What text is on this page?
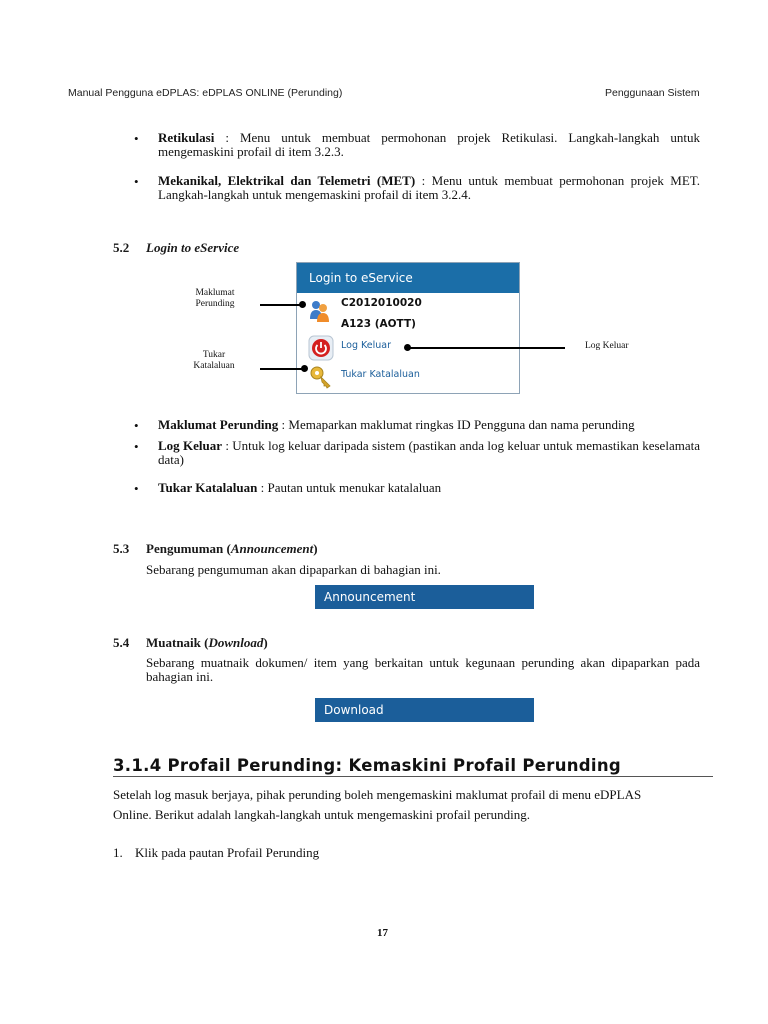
Manual Pengguna eDPLAS: eDPLAS ONLINE (Perunding)	Penggunaan Sistem
• Retikulasi : Menu untuk membuat permohonan projek Retikulasi. Langkah-langkah untuk mengemaskini profail di item 3.2.3.
• Mekanikal, Elektrikal dan Telemetri (MET) : Menu untuk membuat permohonan projek MET. Langkah-langkah untuk mengemaskini profail di item 3.2.4.
5.2 Login to eService
Login to eService
C2012010020
A123 (AOTT)
Log Keluar
Tukar Katalaluan
Maklumat
Perunding
Tukar
Katalaluan
Log Keluar
• Maklumat Perunding : Memaparkan maklumat ringkas ID Pengguna dan nama perunding
• Log Keluar : Untuk log keluar daripada sistem (pastikan anda log keluar untuk memastikan keselamata data)
• Tukar Katalaluan : Pautan untuk menukar katalaluan
5.3 Pengumuman (Announcement)
Sebarang pengumuman akan dipaparkan di bahagian ini.
Announcement
5.4 Muatnaik (Download)
Sebarang muatnaik dokumen/ item yang berkaitan untuk kegunaan perunding akan dipaparkan pada bahagian ini.
Download
3.1.4 Profail Perunding: Kemaskini Profail Perunding
Setelah log masuk berjaya, pihak perunding boleh mengemaskini maklumat profail di menu eDPLAS
Online. Berikut adalah langkah-langkah untuk mengemaskini profail perunding.
1. Klik pada pautan Profail Perunding
17
